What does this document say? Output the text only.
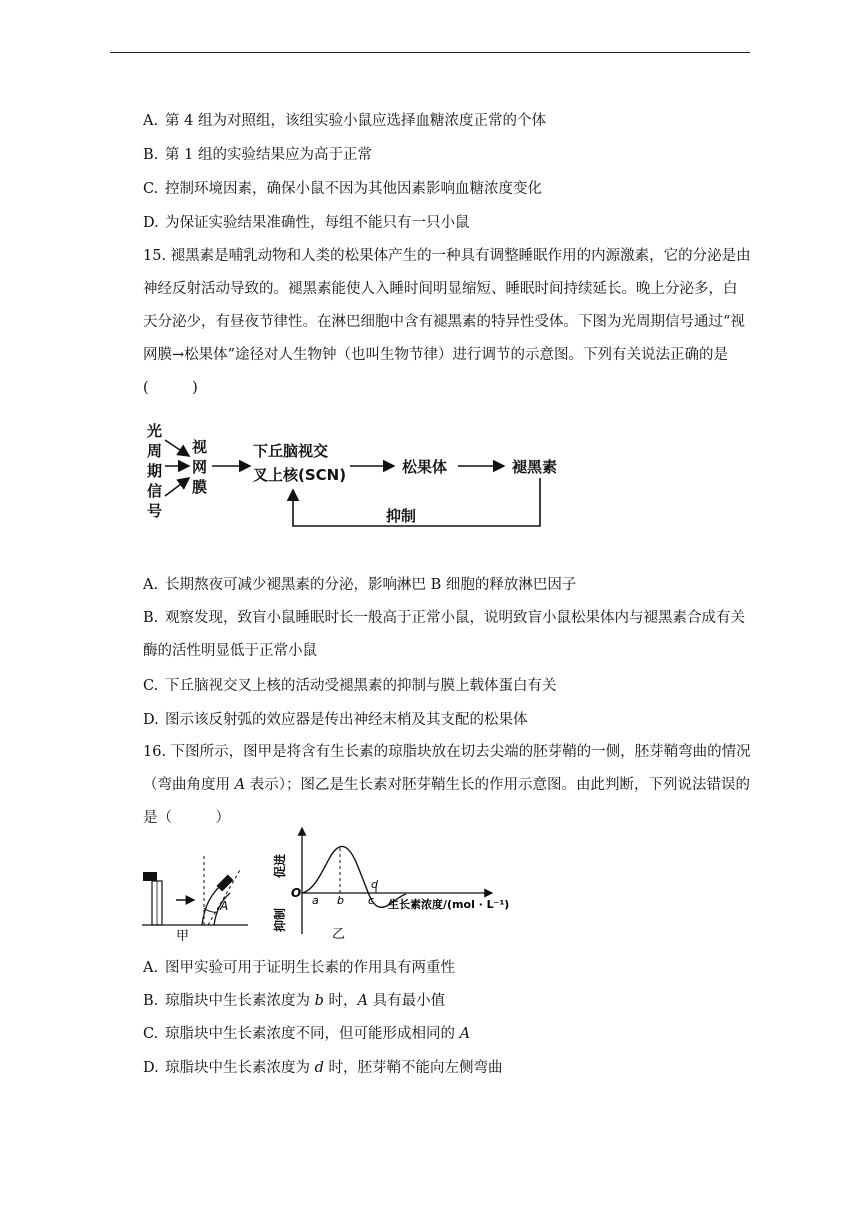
A. 第 4 组为对照组，该组实验小鼠应选择血糖浓度正常的个体
B. 第 1 组的实验结果应为高于正常
C. 控制环境因素，确保小鼠不因为其他因素影响血糖浓度变化
D. 为保证实验结果准确性，每组不能只有一只小鼠
15. 褪黑素是哺乳动物和人类的松果体产生的一种具有调整睡眠作用的内源激素，它的分泌是由神经反射活动导致的。褪黑素能使人入睡时间明显缩短、睡眠时间持续延长。晚上分泌多，白天分泌少，有昼夜节律性。在淋巴细胞中含有褪黑素的特异性受体。下图为光周期信号通过“视网膜→松果体”途径对人生物钟（也叫生物节律）进行调节的示意图。下列有关说法正确的是(　　　)
光
周
期
信
号
视
网
膜
下丘脑视交
叉上核(SCN)	松果体	褪黑素
抑制
A. 长期熬夜可减少褪黑素的分泌，影响淋巴 B 细胞的释放淋巴因子
B. 观察发现，致盲小鼠睡眠时长一般高于正常小鼠，说明致盲小鼠松果体内与褪黑素合成有关酶的活性明显低于正常小鼠
C. 下丘脑视交叉上核的活动受褪黑素的抑制与膜上载体蛋白有关
D. 图示该反射弧的效应器是传出神经末梢及其支配的松果体
16. 下图所示，图甲是将含有生长素的琼脂块放在切去尖端的胚芽鞘的一侧，胚芽鞘弯曲的情况（弯曲角度用 A 表示）；图乙是生长素对胚芽鞘生长的作用示意图。由此判断，下列说法错误的是（　　　）
A
甲
促进
抑制
O
a b c
d
生长素浓度/(mol · L⁻¹)
乙
A. 图甲实验可用于证明生长素的作用具有两重性
B. 琼脂块中生长素浓度为 b 时，A 具有最小值
C. 琼脂块中生长素浓度不同，但可能形成相同的 A
D. 琼脂块中生长素浓度为 d 时，胚芽鞘不能向左侧弯曲
